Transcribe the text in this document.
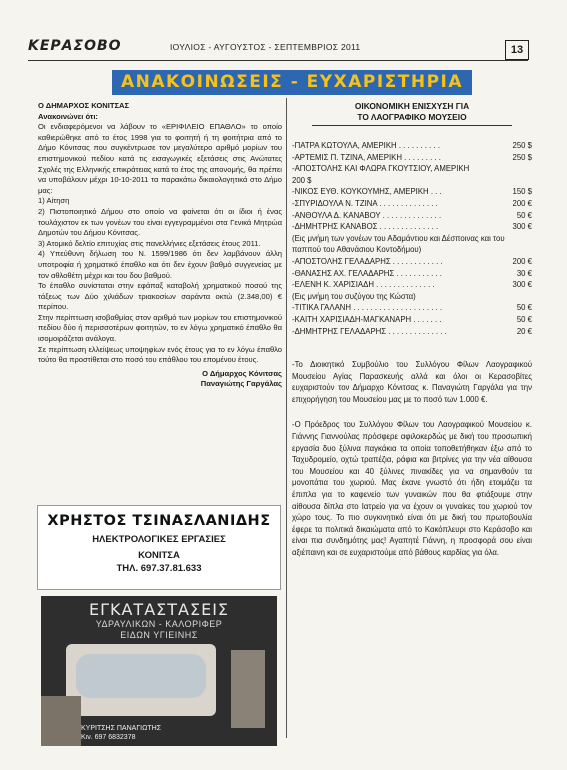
ΚΕΡΑΣΟΒΟ	ΙΟΥΛΙΟΣ - ΑΥΓΟΥΣΤΟΣ - ΣΕΠΤΕΜΒΡΙΟΣ 2011	13
ΑΝΑΚΟΙΝΩΣΕΙΣ - ΕΥΧΑΡΙΣΤΗΡΙΑ

Ο ΔΗΜΑΡΧΟΣ ΚΟΝΙΤΣΑΣ

Ανακοινώνει ότι:

Οι ενδιαφερόμενοι να λάβουν το «ΕΡΙΦΙΛΕΙΟ ΕΠΑΘΛΟ» το οποίο καθιερώθηκε από το έτος 1998 για το φοιτητή ή τη φοιτήτρια από το Δήμο Κόνιτσας που συγκέντρωσε τον μεγαλύτερο αριθμό μορίων του επιστημονικού πεδίου κατά τις εισαγωγικές εξετάσεις στις Ανώτατες Σχολές της Ελληνικής επικράτειας κατά το έτος της απονομής, θα πρέπει να υποβάλουν μέχρι 10-10-2011 τα παρακάτω δικαιολογητικά στο Δήμο μας:

1) Αίτηση

2) Πιστοποιητικό Δήμου στο οποίο να φαίνεται ότι οι ίδιοι ή ένας τουλάχιστον εκ των γονέων του είναι εγγεγραμμένοι στα Γενικά Μητρώα Δημοτών του Δήμου Κόνιτσας.

3) Ατομικό δελτίο επιτυχίας στις πανελλήνιες εξετάσεις έτους 2011.

4) Υπεύθυνη δήλωση του Ν. 1599/1986 ότι δεν λαμβάνουν άλλη υποτροφία ή χρηματικό έπαθλο και ότι δεν έχουν βαθμό συγγενείας με τον αθλοθέτη μέχρι και του δου βαθμού.

Το έπαθλο συνίσταται στην εφάπαξ καταβολή χρηματικού ποσού της τάξεως των Δύο χιλιάδων τριακοσίων σαράντα οκτώ (2.348,00) € περίπου.

Στην περίπτωση ισοβαθμίας στον αριθμό των μορίων του επιστημονικού πεδίου δύο ή περισσοτέρων φοιτητών, το εν λόγω χρηματικό έπαθλο θα ισομοιράζεται ανάλογα.

Σε περίπτωση ελλείψεως υποψηφίων ενός έτους για το εν λόγω έπαθλο τούτο θα προστίθεται στο ποσό του επάθλου του επομένου έτους.

Ο Δήμαρχος Κόνιτσας

Παναγιώτης Γαργάλας

ΧΡΗΣΤΟΣ ΤΣΙΝΑΣΛΑΝΙΔΗΣ
ΗΛΕΚΤΡΟΛΟΓΙΚΕΣ ΕΡΓΑΣΙΕΣ
ΚΟΝΙΤΣΑ
ΤΗΛ. 697.37.81.633
ΕΓΚΑΤΑΣΤΑΣΕΙΣ
ΥΔΡΑΥΛΙΚΩΝ - ΚΑΛΟΡΙΦΕΡ
ΕΙΔΩΝ ΥΓΙΕΙΝΗΣ
ΚΥΡΙΤΣΗΣ ΠΑΝΑΓΙΩΤΗΣ
Κιν. 697 6832378
ΟΙΚΟΝΟΜΙΚΗ ΕΝΙΣΧΥΣΗ ΓΙΑ
ΤΟ ΛΑΟΓΡΑΦΙΚΟ ΜΟΥΣΕΙΟ
-ΠΑΤΡΑ ΚΩΤΟΥΛΑ, ΑΜΕΡΙΚΗ . . . . . . . . . .	250 $
-ΑΡΤΕΜΙΣ Π. ΤΖΙΝΑ, ΑΜΕΡΙΚΗ . . . . . . . . .	250 $
-ΑΠΟΣΤΟΛΗΣ ΚΑΙ ΦΛΩΡΑ ΓΚΟΥΤΣΙΟΥ, ΑΜΕΡΙΚΗ
200 $
-ΝΙΚΟΣ ΕΥΘ. ΚΟΥΚΟΥΜΗΣ, ΑΜΕΡΙΚΗ . . .	150 $
-ΣΠΥΡΙΔΟΥΛΑ Ν. ΤΖΙΝΑ . . . . . . . . . . . . . .	200 €
-ΑΝΘΟΥΛΑ Δ. ΚΑΝΑΒΟΥ . . . . . . . . . . . . . .	50 €
-ΔΗΜΗΤΡΗΣ ΚΑΝΑΒΟΣ . . . . . . . . . . . . . .	300 €
(Εις μνήμη των γονέων του Αδαμάντιου και Δέσποινας και του παππού του Αθανάσιου Κοντοδήμου)
-ΑΠΟΣΤΟΛΗΣ ΓΕΛΑΔΑΡΗΣ . . . . . . . . . . . .	200 €
-ΘΑΝΑΣΗΣ ΑΧ. ΓΕΛΑΔΑΡΗΣ . . . . . . . . . . .	30 €
-ΕΛΕΝΗ Κ. ΧΑΡΙΣΙΑΔΗ . . . . . . . . . . . . . .	300 €
(Εις μνήμη του συζύγου της Κώστα)
-ΤΙΤΙΚΑ ΓΑΛΑΝΗ . . . . . . . . . . . . . . . . . . . . .	50 €
-ΚΑΙΤΗ ΧΑΡΙΣΙΑΔΗ-ΜΑΓΚΑΝΑΡΗ . . . . . . .	50 €
-ΔΗΜΗΤΡΗΣ ΓΕΛΑΔΑΡΗΣ . . . . . . . . . . . . . .	20 €

-Το Διοικητικό Συμβούλιο του Συλλόγου Φίλων Λαογραφικού Μουσείου Αγίας Παρασκευής αλλά και όλοι οι Κερασοβίτες ευχαριστούν τον Δήμαρχο Κόνιτσας κ. Παναγιώτη Γαργάλα για την επιχορήγηση του Μουσείου μας με το ποσό των 1.000 €.

-Ο Πρόεδρος του Συλλόγου Φίλων του Λαογραφικού Μουσείου κ. Γιάννης Γιαννούλας πρόσφερε αφιλοκερδώς με δική του προσωπική εργασία δυο ξύλινα παγκάκια τα οποία τοποθετήθηκαν έξω από το Ταχυδρομείο, οχτώ τραπέζια, ράφια και βιτρίνες για την νέα αίθουσα του Μουσείου και 40 ξύλινες πινακίδες για να σημανθούν τα μονοπάτια του χωριού. Μας έκανε γνωστό ότι ήδη ετοιμάζει τα έπιπλα για το καφενείο των γυναικών που θα φτιάξουμε στην αίθουσα δίπλα στο Ιατρείο για να έχουν οι γυναίκες του χωριού τον χώρο τους. Το πιο συγκινητικό είναι ότι με δική του πρωτοβουλία έφερε τα πολιτικά δικαιώματα από το Κακόπλευρι στο Κεράσοβο και είναι πια συνδημότης μας! Αγαπητέ Γιάννη, η προσφορά σου είναι αξιέπαινη και σε ευχαριστούμε από βάθους καρδίας για όλα.
